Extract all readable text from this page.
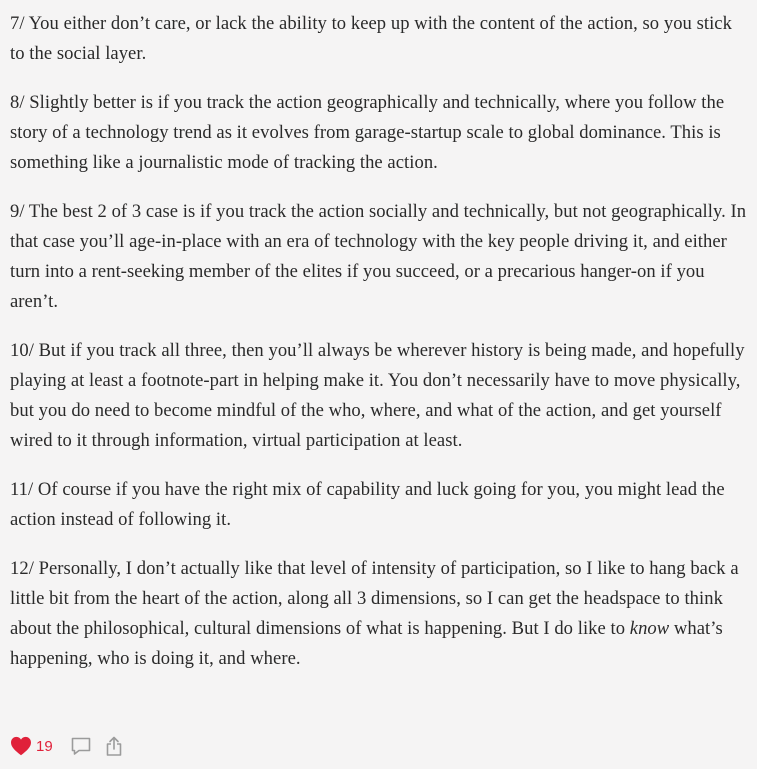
7/ You either don’t care, or lack the ability to keep up with the content of the action, so you stick to the social layer.

8/ Slightly better is if you track the action geographically and technically, where you follow the story of a technology trend as it evolves from garage-startup scale to global dominance. This is something like a journalistic mode of tracking the action.

9/ The best 2 of 3 case is if you track the action socially and technically, but not geographically. In that case you’ll age-in-place with an era of technology with the key people driving it, and either turn into a rent-seeking member of the elites if you succeed, or a precarious hanger-on if you aren’t.

10/ But if you track all three, then you’ll always be wherever history is being made, and hopefully playing at least a footnote-part in helping make it. You don’t necessarily have to move physically, but you do need to become mindful of the who, where, and what of the action, and get yourself wired to it through information, virtual participation at least.

11/ Of course if you have the right mix of capability and luck going for you, you might lead the action instead of following it.

12/ Personally, I don’t actually like that level of intensity of participation, so I like to hang back a little bit from the heart of the action, along all 3 dimensions, so I can get the headspace to think about the philosophical, cultural dimensions of what is happening. But I do like to know what’s happening, who is doing it, and where.

19
